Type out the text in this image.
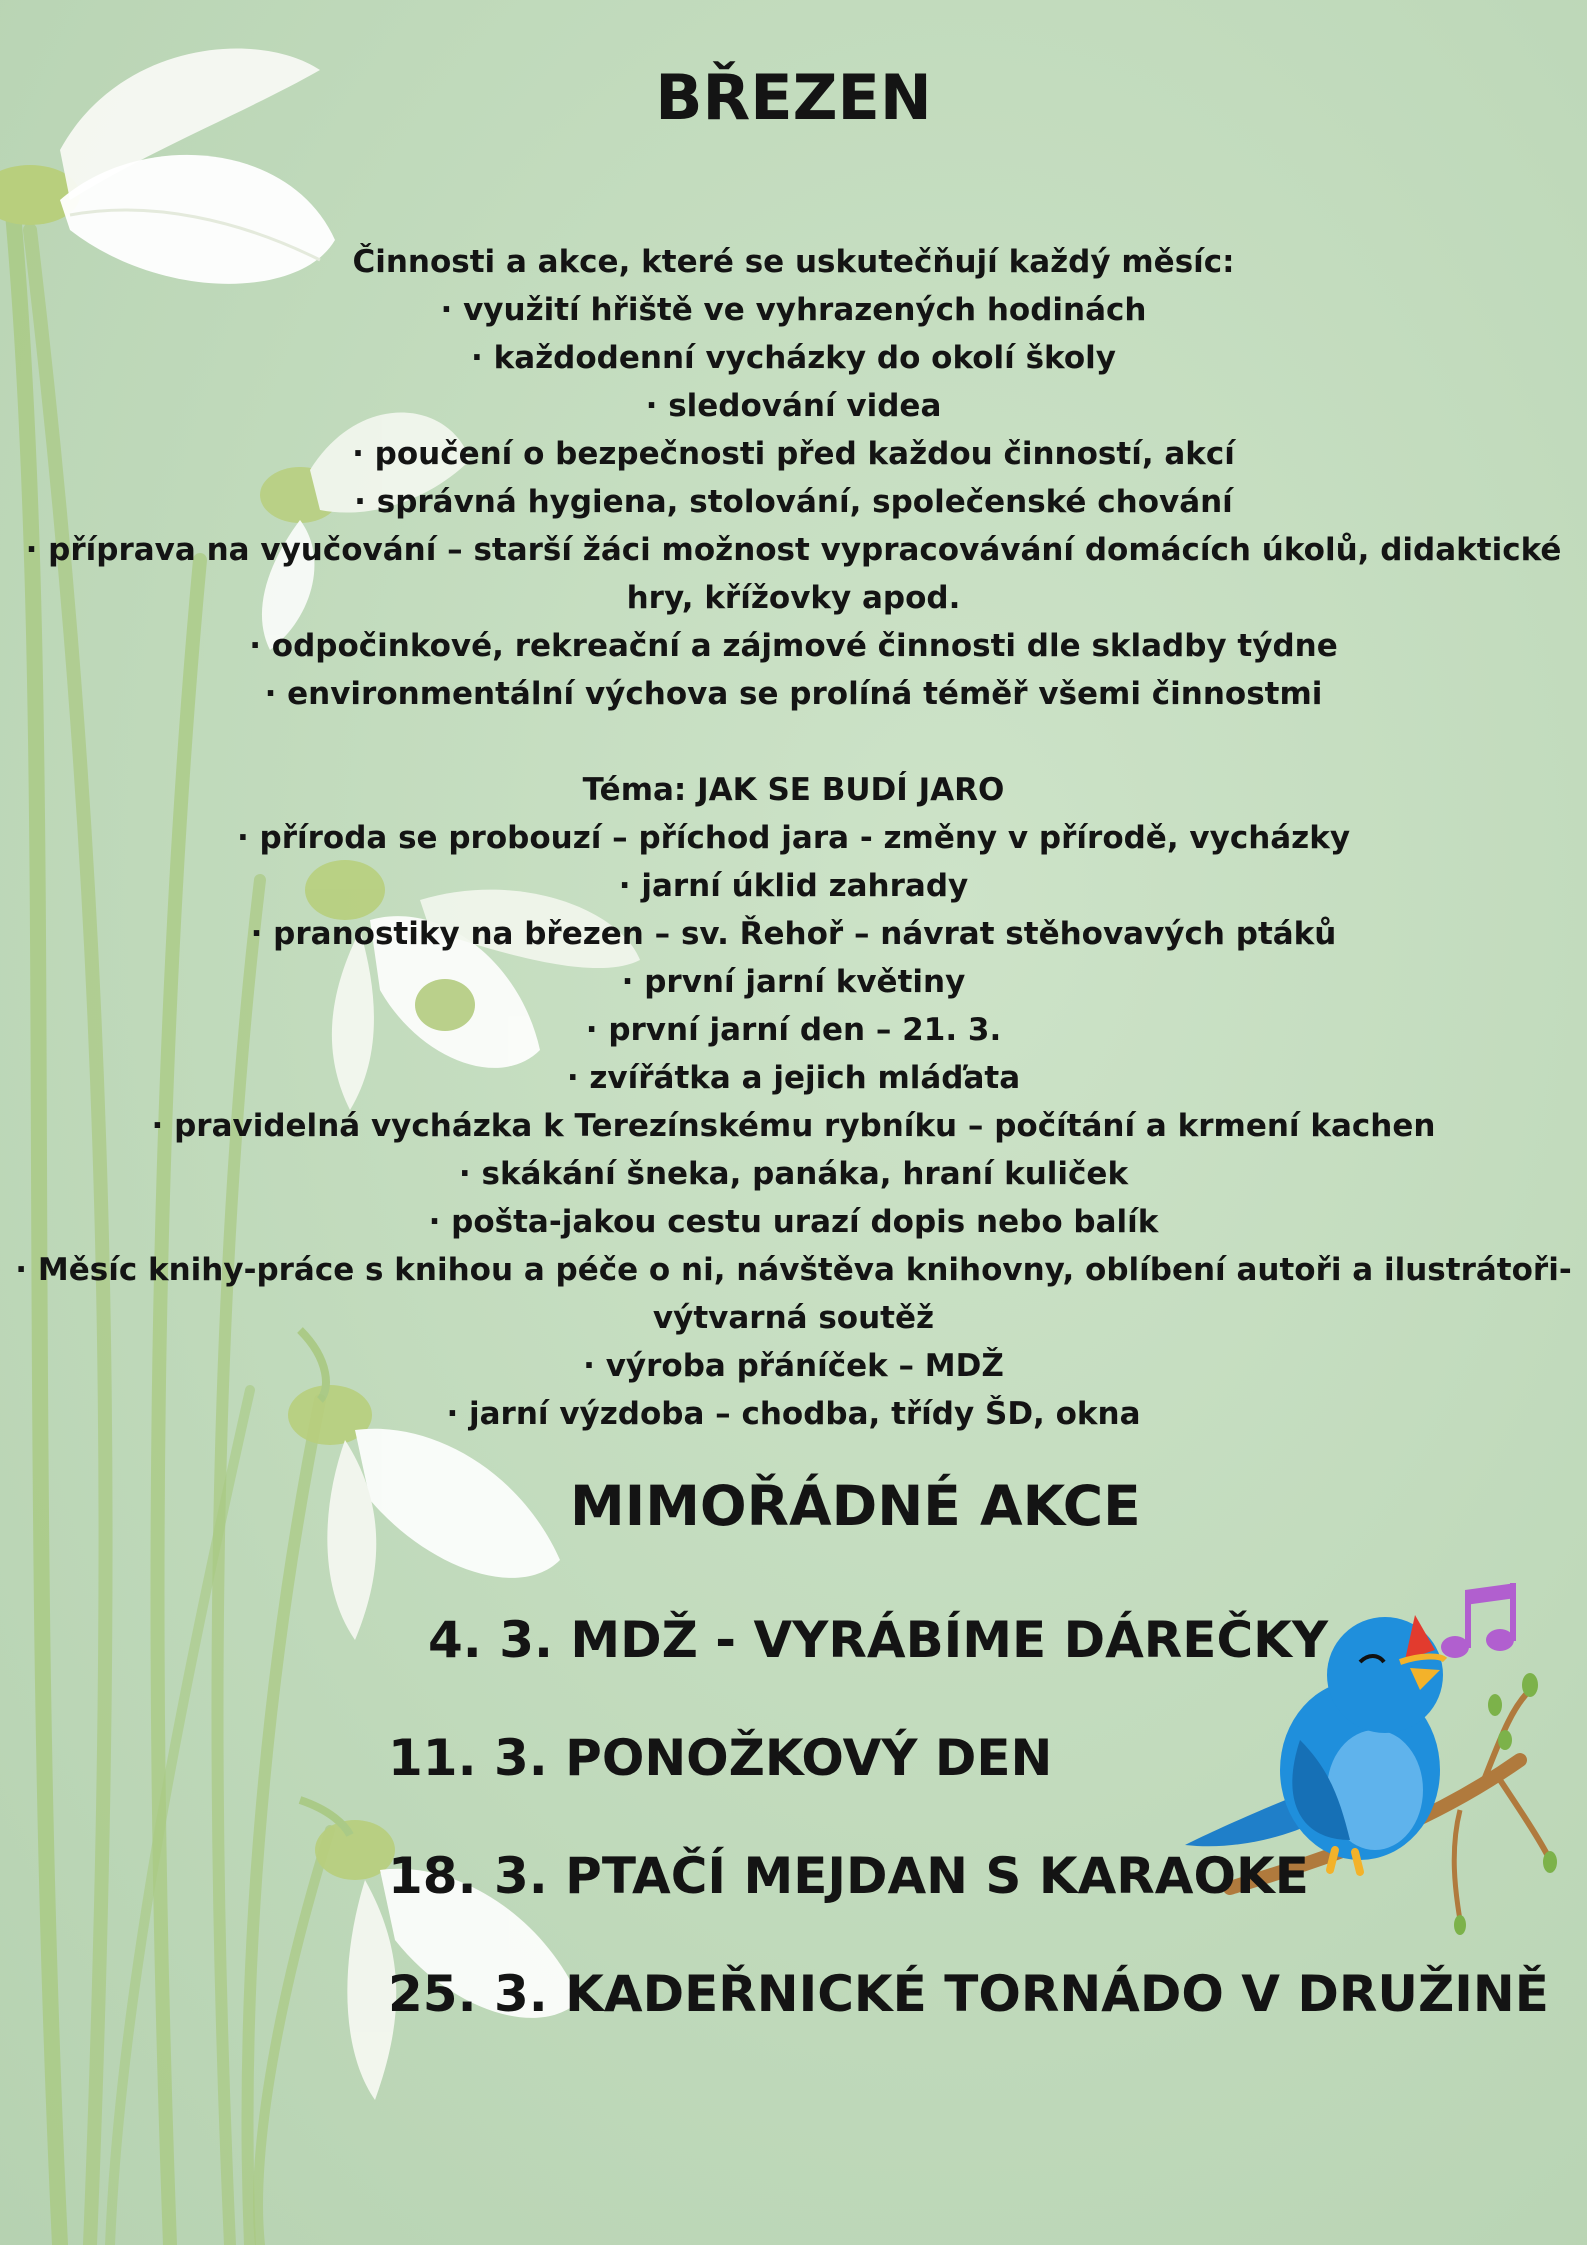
BŘEZEN
Činnosti a akce, které se uskutečňují každý měsíc:
· využití hřiště ve vyhrazených hodinách
· každodenní vycházky do okolí školy
· sledování videa
· poučení o bezpečnosti před každou činností, akcí
· správná hygiena, stolování, společenské chování
· příprava na vyučování – starší žáci možnost vypracovávání domácích úkolů, didaktické
hry, křížovky apod.
· odpočinkové, rekreační a zájmové činnosti dle skladby týdne
· environmentální výchova se prolíná téměř všemi činnostmi
Téma: JAK SE BUDÍ JARO
· příroda se probouzí – příchod jara - změny v přírodě, vycházky
· jarní úklid zahrady
· pranostiky na březen – sv. Řehoř – návrat stěhovavých ptáků
· první jarní květiny
· první jarní den – 21. 3.
· zvířátka a jejich mláďata
· pravidelná vycházka k Terezínskému rybníku – počítání a krmení kachen
· skákání šneka, panáka, hraní kuliček
· pošta-jakou cestu urazí dopis nebo balík
· Měsíc knihy-práce s knihou a péče o ni, návštěva knihovny, oblíbení autoři a ilustrátoři-
výtvarná soutěž
· výroba přáníček – MDŽ
· jarní výzdoba – chodba, třídy ŠD, okna
MIMOŘÁDNÉ AKCE
4. 3. MDŽ - VYRÁBÍME DÁREČKY
11. 3. PONOŽKOVÝ DEN
18. 3. PTAČÍ MEJDAN S KARAOKE
25. 3. KADEŘNICKÉ TORNÁDO V DRUŽINĚ
